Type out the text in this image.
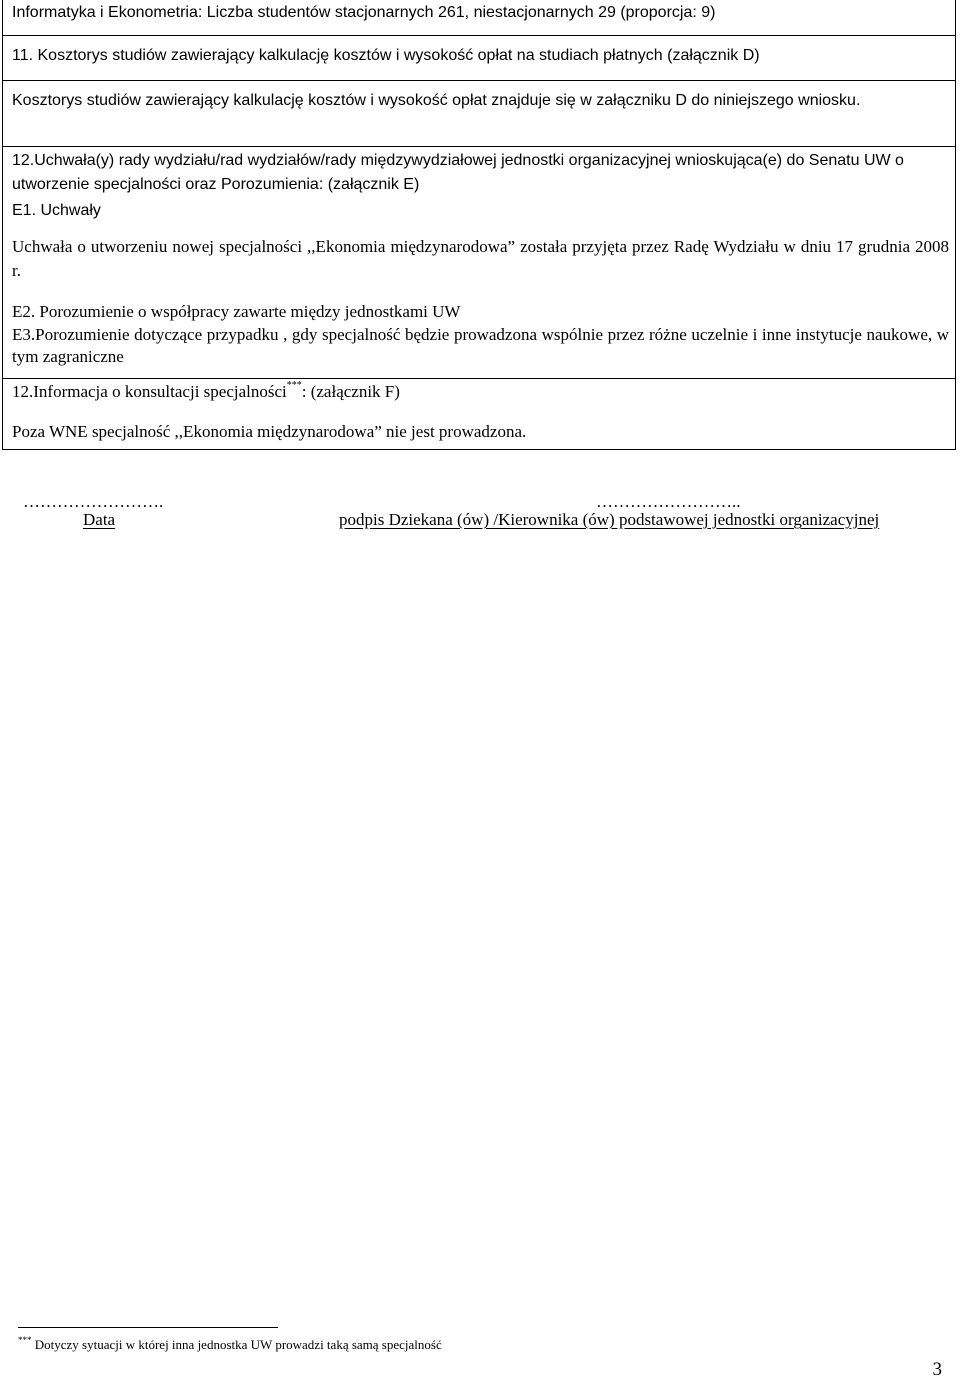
Informatyka i Ekonometria: Liczba studentów stacjonarnych 261, niestacjonarnych 29 (proporcja: 9)
11. Kosztorys studiów zawierający kalkulację kosztów i wysokość opłat na studiach płatnych (załącznik D)
Kosztorys studiów zawierający kalkulację kosztów i wysokość opłat znajduje się w załączniku D do niniejszego wniosku.
12.Uchwała(y) rady wydziału/rad wydziałów/rady międzywydziałowej jednostki organizacyjnej wnioskująca(e) do Senatu UW o utworzenie specjalności oraz Porozumienia: (załącznik E)
E1. Uchwały
Uchwała o utworzeniu nowej specjalności ,,Ekonomia międzynarodowa” została przyjęta przez Radę Wydziału w dniu 17 grudnia 2008 r.
E2. Porozumienie o współpracy zawarte między jednostkami UW
E3.Porozumienie dotyczące przypadku , gdy specjalność będzie prowadzona wspólnie przez różne uczelnie i inne instytucje naukowe, w tym zagraniczne
12.Informacja o konsultacji specjalności***: (załącznik F)
Poza WNE specjalność ,,Ekonomia międzynarodowa” nie jest prowadzona.
…………………….
Data
……………………..
podpis Dziekana (ów) /Kierownika (ów) podstawowej jednostki organizacyjnej
*** Dotyczy sytuacji w której inna jednostka UW prowadzi taką samą specjalność
3
